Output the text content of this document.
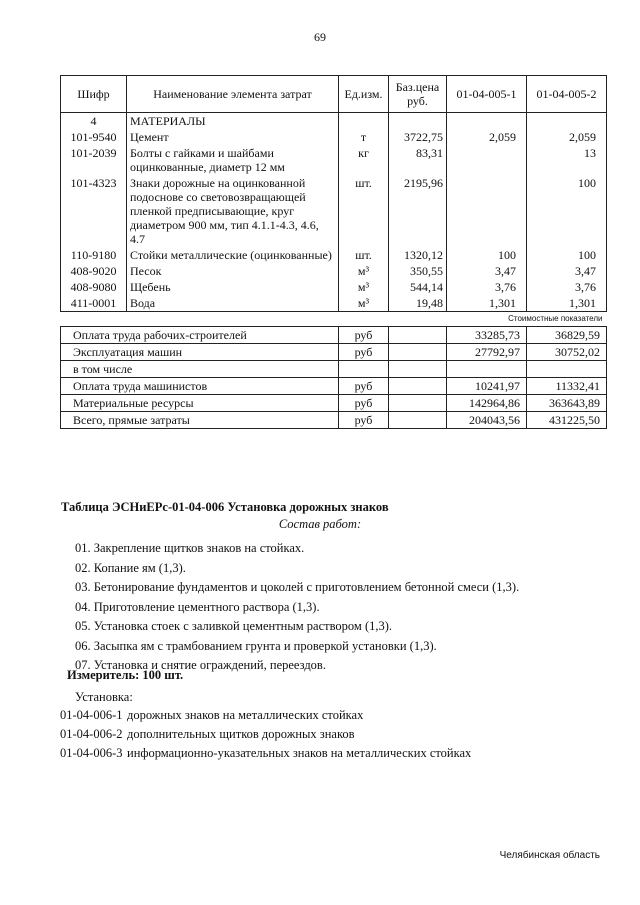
69
Шифр	Наименование элемента затрат	Ед.изм.	Баз.цена руб.	01-04-005-1	01-04-005-2
4	МАТЕРИАЛЫ				
101-9540	Цемент	т	3722,75	2,059	2,059
101-2039	Болты с гайками и шайбами оцинкованные, диаметр 12 мм	кг	83,31		13
101-4323	Знаки дорожные на оцинкованной подосновe со световозвращающей пленкой предписывающие, круг диаметром 900 мм, тип 4.1.1-4.3, 4.6, 4.7	шт.	2195,96		100
110-9180	Стойки металлические (оцинкованные)	шт.	1320,12	100	100
408-9020	Песок	м³	350,55	3,47	3,47
408-9080	Щебень	м³	544,14	3,76	3,76
411-0001	Вода	м³	19,48	1,301	1,301
Стоимостные показатели					
Оплата труда рабочих-строителей		руб		33285,73	36829,59
Эксплуатация машин		руб		27792,97	30752,02
в том числе					
Оплата труда машинистов		руб		10241,97	11332,41
Материальные ресурсы		руб		142964,86	363643,89
Всего, прямые затраты		руб		204043,56	431225,50
Таблица ЭСНиЕРс-01-04-006 Установка дорожных знаков
Состав работ:
01. Закрепление щитков знаков на стойках.
02. Копание ям (1,3).
03. Бетонирование фундаментов и цоколей с приготовлением бетонной смеси (1,3).
04. Приготовление цементного раствора (1,3).
05. Установка стоек с заливкой цементным раствором (1,3).
06. Засыпка ям с трамбованием грунта и проверкой установки (1,3).
07. Установка и снятие ограждений, переездов.
Измеритель: 100 шт.
Установка:
01-04-006-1 дорожных знаков на металлических стойках
01-04-006-2 дополнительных щитков дорожных знаков
01-04-006-3 информационно-указательных знаков на металлических стойках
Челябинская область
